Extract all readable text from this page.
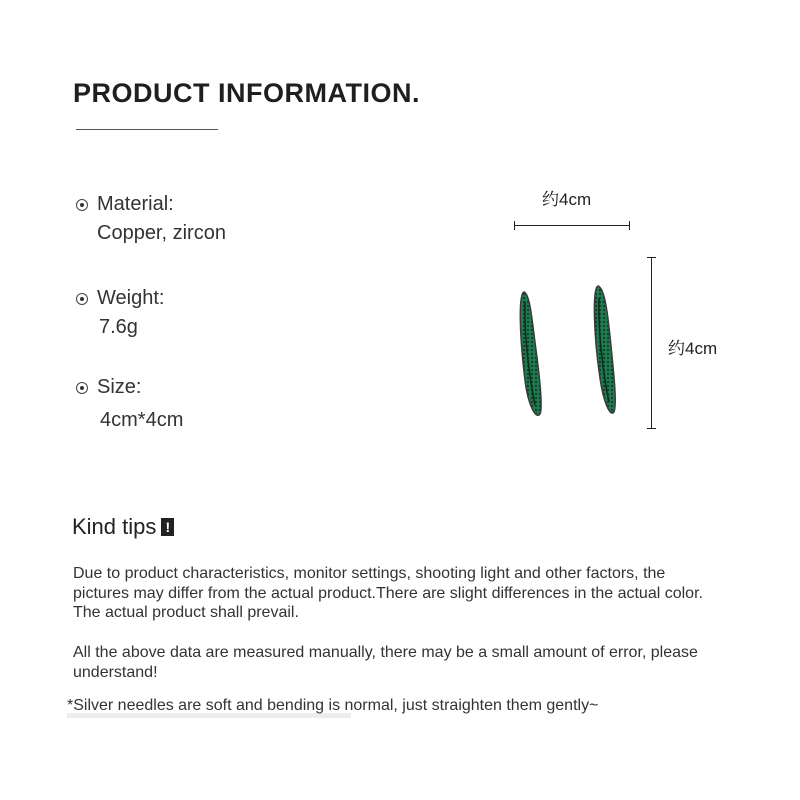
PRODUCT INFORMATION.
Material:
Copper, zircon
Weight:
7.6g
Size:
4cm*4cm
约4cm
约4cm
Kind tips !
Due to product characteristics, monitor settings, shooting light and other factors, the pictures may differ from the actual product.There are slight differences in the actual color. The actual product shall prevail.
All the above data are measured manually, there may be a small amount of error, please understand!
*Silver needles are soft and bending is normal, just straighten them gently~
